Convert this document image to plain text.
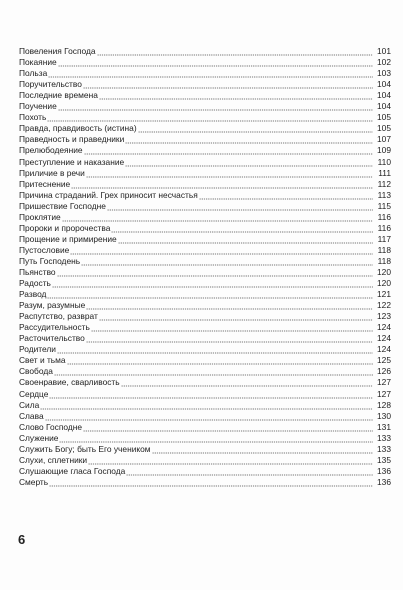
Повеления Господа	101
Покаяние	102
Польза	103
Поручительство	104
Последние времена	104
Поучение	104
Похоть	105
Правда, правдивость (истина)	105
Праведность и праведники	107
Прелюбодеяние	109
Преступление и наказание	110
Приличие в речи	111
Притеснение	112
Причина страданий. Грех приносит несчастья	113
Пришествие Господне	115
Проклятие	116
Пророки и пророчества	116
Прощение и примирение	117
Пустословие	118
Путь Господень	118
Пьянство	120
Радость	120
Развод	121
Разум, разумные	122
Распутство, разврат	123
Рассудительность	124
Расточительство	124
Родители	124
Свет и тьма	125
Свобода	126
Своенравие, сварливость	127
Сердце	127
Сила	128
Слава	130
Слово Господне	131
Служение	133
Служить Богу; быть Его учеником	133
Слухи, сплетники	135
Слушающие гласа Господа	136
Смерть	136
6
